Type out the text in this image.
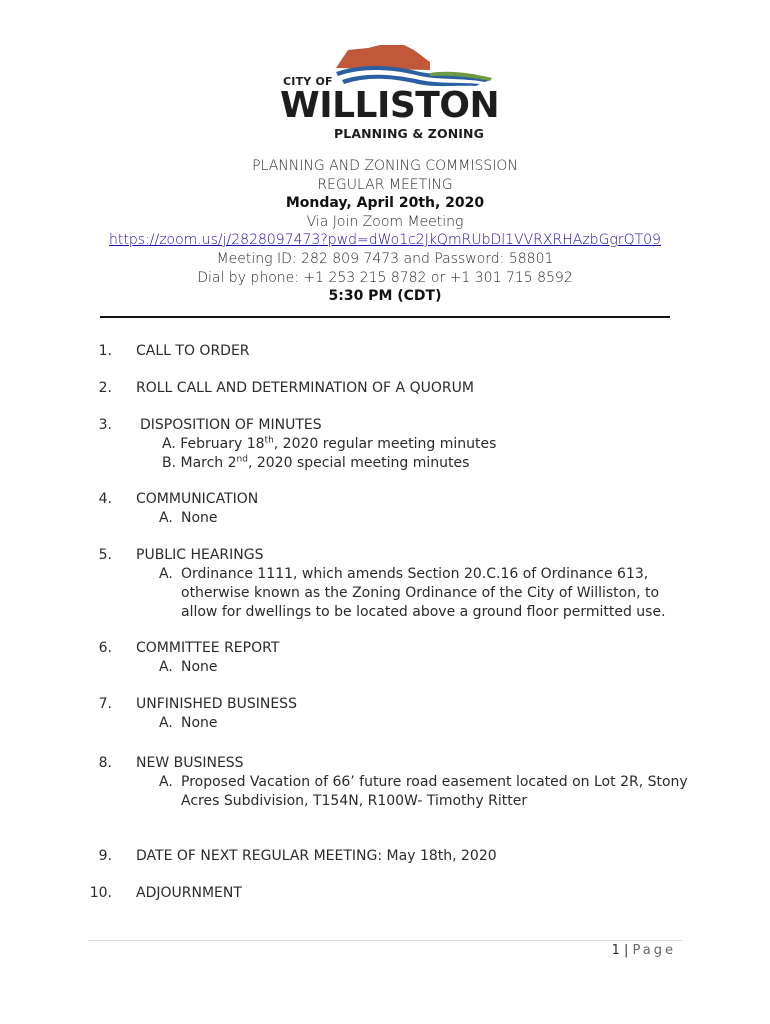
CITY OF
WILLISTON
PLANNING & ZONING
PLANNING AND ZONING COMMISSION
REGULAR MEETING
Monday, April 20th, 2020
Via Join Zoom Meeting
https://zoom.us/j/2828097473?pwd=dWo1c2JkQmRUbDl1VVRXRHAzbGgrQT09
Meeting ID: 282 809 7473 and Password: 58801
Dial by phone: +1 253 215 8782 or +1 301 715 8592
5:30 PM (CDT)
1. CALL TO ORDER
2. ROLL CALL AND DETERMINATION OF A QUORUM
3. DISPOSITION OF MINUTES
A. February 18th, 2020 regular meeting minutes
B. March 2nd, 2020 special meeting minutes
4. COMMUNICATION
A. None
5. PUBLIC HEARINGS
A. Ordinance 1111, which amends Section 20.C.16 of Ordinance 613,
otherwise known as the Zoning Ordinance of the City of Williston, to
allow for dwellings to be located above a ground floor permitted use.
6. COMMITTEE REPORT
A. None
7. UNFINISHED BUSINESS
A. None
8. NEW BUSINESS
A. Proposed Vacation of 66’ future road easement located on Lot 2R, Stony
Acres Subdivision, T154N, R100W- Timothy Ritter
9. DATE OF NEXT REGULAR MEETING: May 18th, 2020
10. ADJOURNMENT
1 | Page
